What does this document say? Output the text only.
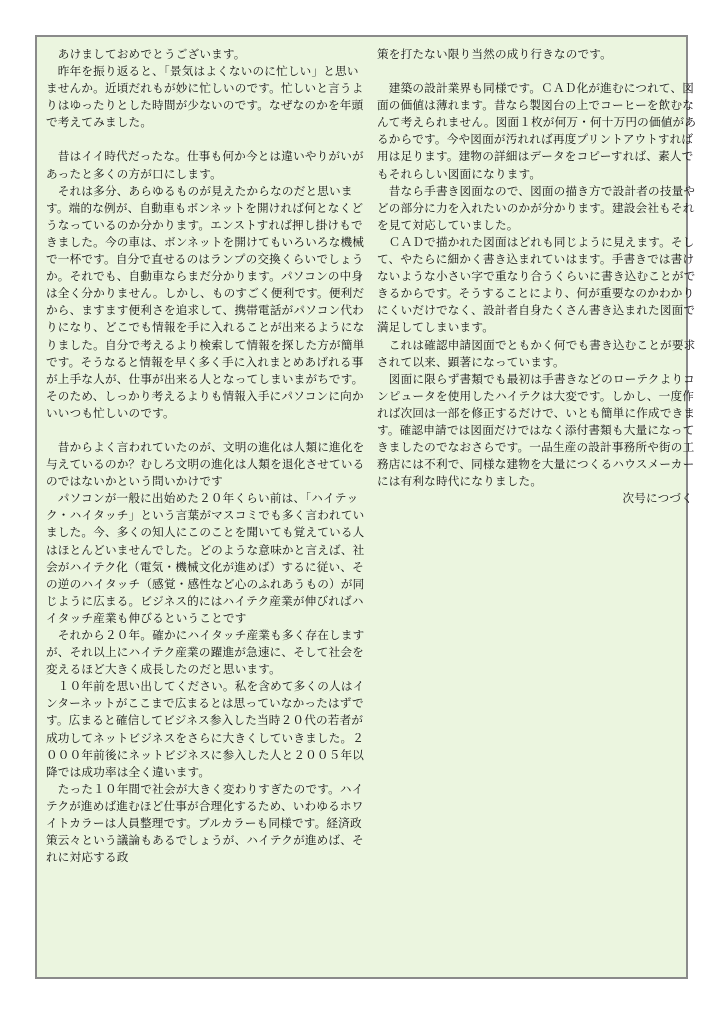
　あけましておめでとうございます。
　昨年を振り返ると、「景気はよくないのに忙しい」と思いませんか。近頃だれもが妙に忙しいのです。忙しいと言うよりはゆったりとした時間が少ないのです。なぜなのかを年頭で考えてみました。
　昔はイイ時代だったな。仕事も何か今とは違いやりがいがあったと多くの方が口にします。
　それは多分、あらゆるものが見えたからなのだと思います。端的な例が、自動車もボンネットを開ければ何となくどうなっているのか分かります。エンストすれば押し掛けもできました。今の車は、ボンネットを開けてもいろいろな機械で一杯です。自分で直せるのはランプの交換くらいでしょうか。それでも、自動車ならまだ分かります。パソコンの中身は全く分かりません。しかし、ものすごく便利です。便利だから、ますます便利さを追求して、携帯電話がパソコン代わりになり、どこでも情報を手に入れることが出来るようになりました。自分で考えるより検索して情報を探した方が簡単です。そうなると情報を早く多く手に入れまとめあげれる事が上手な人が、仕事が出来る人となってしまいまがちです。そのため、しっかり考えるよりも情報入手にパソコンに向かいいつも忙しいのです。
　昔からよく言われていたのが、文明の進化は人類に進化を与えているのか？むしろ文明の進化は人類を退化させているのではないかという問いかけです
　パソコンが一般に出始めた２０年くらい前は、「ハイテック・ハイタッチ」という言葉がマスコミでも多く言われていました。今、多くの知人にこのことを聞いても覚えている人はほとんどいませんでした。どのような意味かと言えば、社会がハイテク化（電気・機械文化が進めば）するに従い、その逆のハイタッチ（感覚・感性など心のふれあうもの）が同じように広まる。ビジネス的にはハイテク産業が伸びればハイタッチ産業も伸びるということです
　それから２０年。確かにハイタッチ産業も多く存在しますが、それ以上にハイテク産業の躍進が急速に、そして社会を変えるほど大きく成長したのだと思います。
　１０年前を思い出してください。私を含めて多くの人はインターネットがここまで広まるとは思っていなかったはずです。広まると確信してビジネス参入した当時２０代の若者が成功してネットビジネスをさらに大きくしていきました。２０００年前後にネットビジネスに参入した人と２００５年以降では成功率は全く違います。
　たった１０年間で社会が大きく変わりすぎたのです。ハイテクが進めば進むほど仕事が合理化するため、いわゆるホワイトカラーは人員整理です。ブルカラーも同様です。経済政策云々という議論もあるでしょうが、ハイテクが進めば、それに対応する政
策を打たない限り当然の成り行きなのです。
　建築の設計業界も同様です。ＣＡＤ化が進むにつれて、図面の価値は薄れます。昔なら製図台の上でコーヒーを飲むなんて考えられません。図面１枚が何万・何十万円の価値があるからです。今や図面が汚れれば再度プリントアウトすれば用は足ります。建物の詳細はデータをコピーすれば、素人でもそれらしい図面になります。
　昔なら手書き図面なので、図面の描き方で設計者の技量やどの部分に力を入れたいのかが分かります。建設会社もそれを見て対応していました。
　ＣＡＤで描かれた図面はどれも同じように見えます。そして、やたらに細かく書き込まれていはます。手書きでは書けないような小さい字で重なり合うくらいに書き込むことができるからです。そうすることにより、何が重要なのかわかりにくいだけでなく、設計者自身たくさん書き込まれた図面で満足してしまいます。
　これは確認申請図面でともかく何でも書き込むことが要求されて以来、顕著になっています。
　図面に限らず書類でも最初は手書きなどのローテクよりコンピュータを使用したハイテクは大変です。しかし、一度作れば次回は一部を修正するだけで、いとも簡単に作成できます。確認申請では図面だけではなく添付書類も大量になってきましたのでなおさらです。一品生産の設計事務所や街の工務店には不利で、同様な建物を大量につくるハウスメーカーには有利な時代になりました。
次号につづく
